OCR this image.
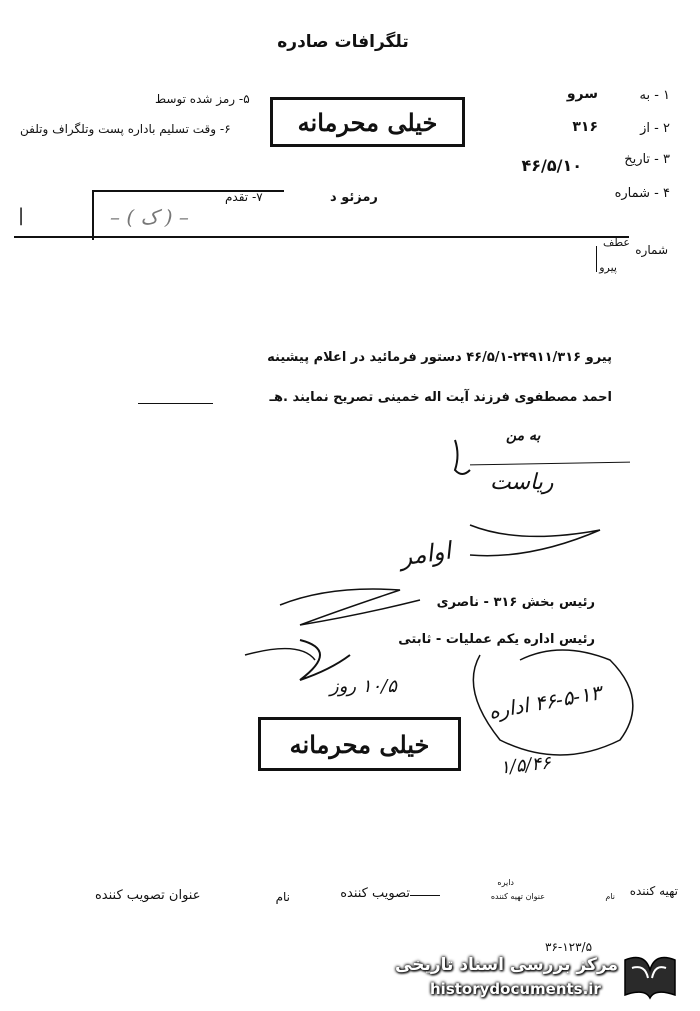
تلگرافات صادره
۱ - به
سرو
۲ - از
۳۱۶
۳ - تاریخ
۴۶/۵/۱۰
۴ - شماره
۵- رمز شده توسط
۶- وقت تسلیم باداره پست وتلگراف وتلفن	خیلی محرمانه
رمزئو د
۷- تقدم
– ( ک ) –
|
شماره
عطف
پیرو
پیرو ۲۴۹۱۱/۳۱۶-۴۶/۵/۱ دستور فرمائید در اعلام پیشینه
احمد مصطفوی فرزند آیت اله خمینی تصریح نمایند .هـ
به من
ریاست
اوامر
رئیس بخش ۳۱۶ - ناصری
رئیس اداره یکم عملیات - ثابتی
۱۰/۵ روز
۴۶-۵-۱۳ اداره
۱/۵/۴۶
خیلی محرمانه
تهیه کننده
نام
دایره
عنوان تهیه کننده
تصویب کننده
نام
عنوان تصویب کننده
۳۶-۱۲۳/۵
مرکز بررسی اسناد تاریخی
historydocuments.ir
